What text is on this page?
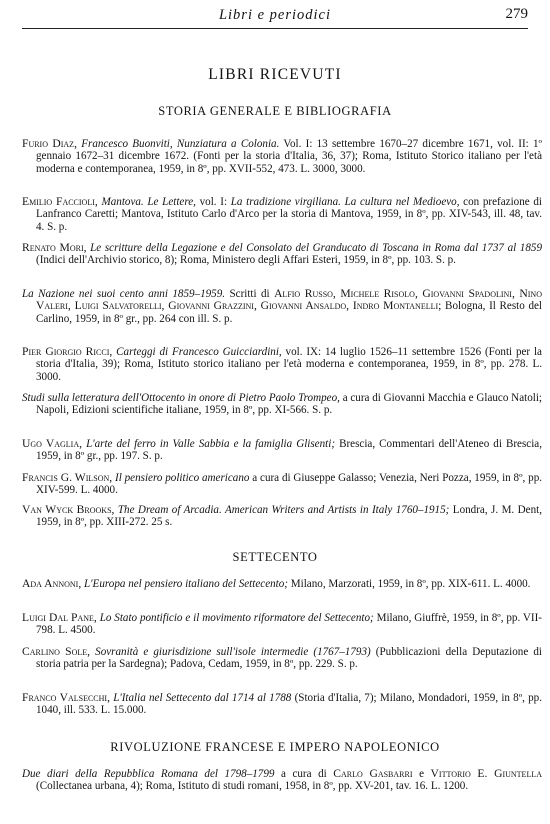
Libri e periodici	279
LIBRI RICEVUTI
STORIA GENERALE E BIBLIOGRAFIA
Furio Diaz, Francesco Buonviti, Nunziatura a Colonia. Vol. I: 13 settembre 1670–27 dicembre 1671, vol. II: 1º gennaio 1672–31 dicembre 1672. (Fonti per la storia d'Italia, 36, 37); Roma, Istituto Storico italiano per l'età moderna e contemporanea, 1959, in 8º, pp. XVII-552, 473. L. 3000, 3000.
Emilio Faccioli, Mantova. Le Lettere, vol. I: La tradizione virgiliana. La cultura nel Medioevo, con prefazione di Lanfranco Caretti; Mantova, Istituto Carlo d'Arco per la storia di Mantova, 1959, in 8º, pp. XIV-543, ill. 48, tav. 4. S. p.
Renato Mori, Le scritture della Legazione e del Consolato del Granducato di Toscana in Roma dal 1737 al 1859 (Indici dell'Archivio storico, 8); Roma, Ministero degli Affari Esteri, 1959, in 8º, pp. 103. S. p.
La Nazione nei suoi cento anni 1859–1959. Scritti di Alfio Russo, Michele Risolo, Giovanni Spadolini, Nino Valeri, Luigi Salvatorelli, Giovanni Grazzini, Giovanni Ansaldo, Indro Montanelli; Bologna, Il Resto del Carlino, 1959, in 8º gr., pp. 264 con ill. S. p.
Pier Giorgio Ricci, Carteggi di Francesco Guicciardini, vol. IX: 14 luglio 1526–11 settembre 1526 (Fonti per la storia d'Italia, 39); Roma, Istituto storico italiano per l'età moderna e contemporanea, 1959, in 8º, pp. 278. L. 3000.
Studi sulla letteratura dell'Ottocento in onore di Pietro Paolo Trompeo, a cura di Giovanni Macchia e Glauco Natoli; Napoli, Edizioni scientifiche italiane, 1959, in 8º, pp. XI-566. S. p.
Ugo Vaglia, L'arte del ferro in Valle Sabbia e la famiglia Glisenti; Brescia, Commentari dell'Ateneo di Brescia, 1959, in 8º gr., pp. 197. S. p.
Francis G. Wilson, Il pensiero politico americano a cura di Giuseppe Galasso; Venezia, Neri Pozza, 1959, in 8º, pp. XIV-599. L. 4000.
Van Wyck Brooks, The Dream of Arcadia. American Writers and Artists in Italy 1760–1915; Londra, J. M. Dent, 1959, in 8º, pp. XIII-272. 25 s.
SETTECENTO
Ada Annoni, L'Europa nel pensiero italiano del Settecento; Milano, Marzorati, 1959, in 8º, pp. XIX-611. L. 4000.
Luigi Dal Pane, Lo Stato pontificio e il movimento riformatore del Settecento; Milano, Giuffrè, 1959, in 8º, pp. VII-798. L. 4500.
Carlino Sole, Sovranità e giurisdizione sull'isole intermedie (1767–1793) (Pubblicazioni della Deputazione di storia patria per la Sardegna); Padova, Cedam, 1959, in 8º, pp. 229. S. p.
Franco Valsecchi, L'Italia nel Settecento dal 1714 al 1788 (Storia d'Italia, 7); Milano, Mondadori, 1959, in 8º, pp. 1040, ill. 533. L. 15.000.
RIVOLUZIONE FRANCESE E IMPERO NAPOLEONICO
Due diari della Repubblica Romana del 1798–1799 a cura di Carlo Gasbarri e Vittorio E. Giuntella (Collectanea urbana, 4); Roma, Istituto di studi romani, 1958, in 8º, pp. XV-201, tav. 16. L. 1200.
